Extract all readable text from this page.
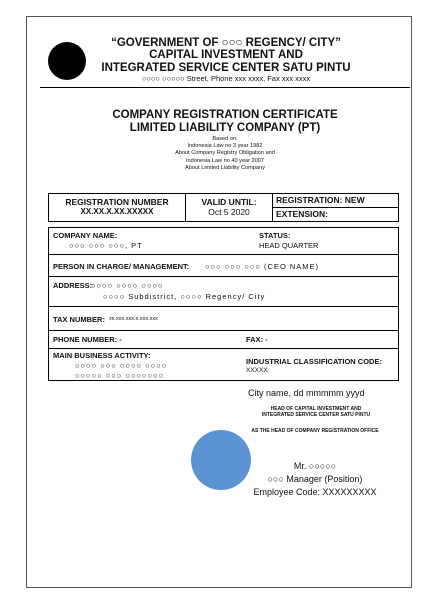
“GOVERNMENT OF ○○○ REGENCY/ CITY”
CAPITAL INVESTMENT AND
INTEGRATED SERVICE CENTER SATU PINTU
○○○○ ○○○○○ Street, Phone xxx xxxx, Fax xxx xxxx
COMPANY REGISTRATION CERTIFICATE
LIMITED LIABILITY COMPANY (PT)
Based on:
Indonesia Law no 3 year 1982
About Company Registry Obligation and
Indonesia Law no 40 year 2007
About Limited Liability Company
REGISTRATION NUMBER
XX.XX.X.XX.XXXXX
VALID UNTIL:
Oct 5 2020
REGISTRATION: NEW
EXTENSION:
COMPANY NAME:
○○○ ○○○ ○○○, PT
STATUS:
HEAD QUARTER
PERSON IN CHARGE/ MANAGEMENT: ○○○ ○○○ ○○○ (CEO NAME)
ADDRESS:
○○○○ ○○○○ ○○○○
○○○○ Subdistrict, ○○○○ Regency/ City
TAX NUMBER: xx.xxx.xxx.x.xxx.xxx
PHONE NUMBER: -	FAX: -
MAIN BUSINESS ACTIVITY:
○○○○ ○○○ ○○○○ ○○○○
○○○○○ ○○○ ○○○○○○○
INDUSTRIAL CLASSIFICATION CODE:
XXXXX
City name, dd mmmmm yyyd
HEAD OF CAPITAL INVESTMENT AND
INTEGRATED SERVICE CENTER SATU PINTU
AS THE HEAD OF COMPANY REGISTRATION OFFICE
Mr. ○○○○○
○○○ Manager (Position)
Employee Code: XXXXXXXXX
